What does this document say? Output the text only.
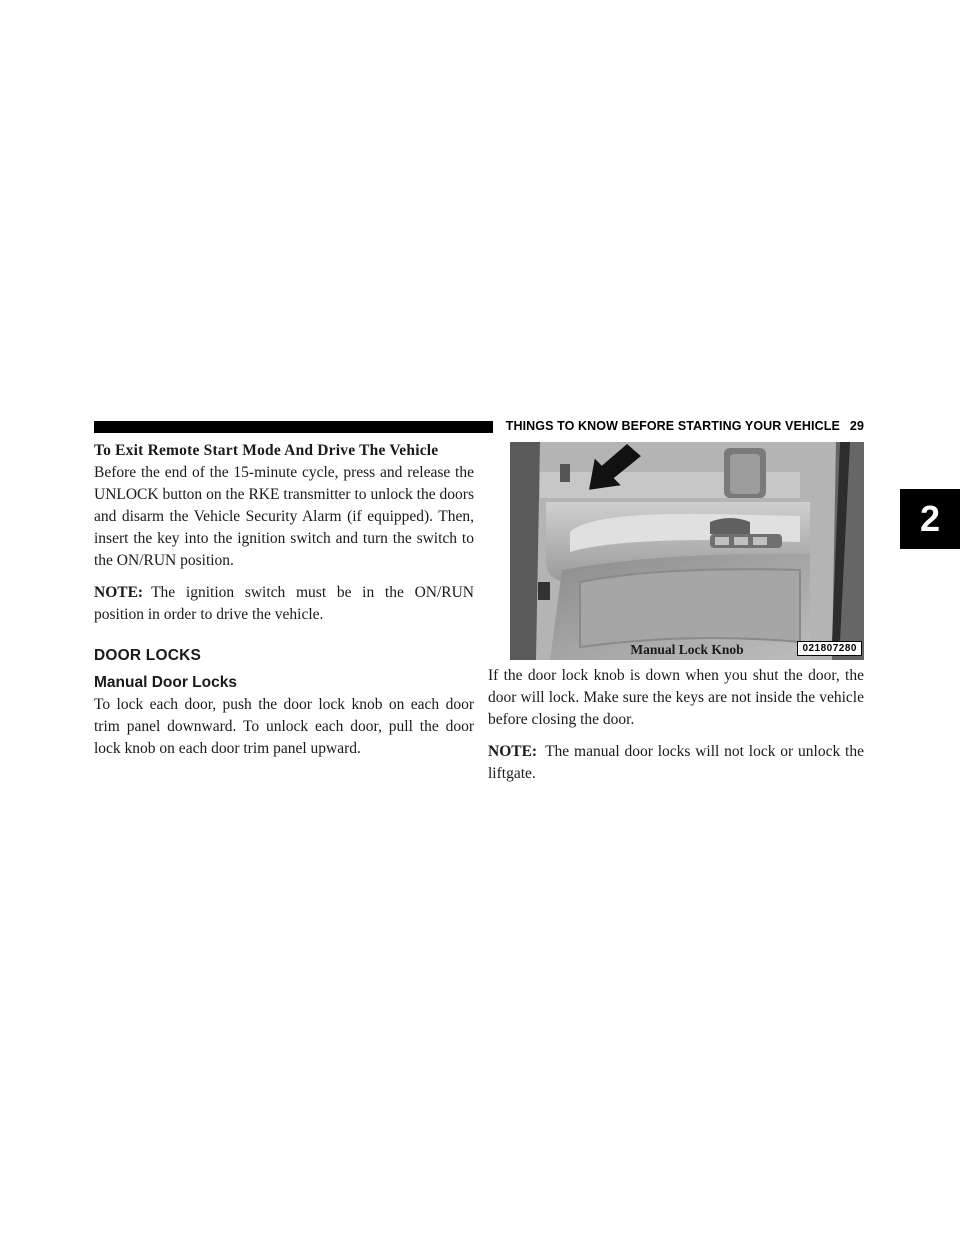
THINGS TO KNOW BEFORE STARTING YOUR VEHICLE 29
2
To Exit Remote Start Mode And Drive The Vehicle

Before the end of the 15-minute cycle, press and release the UNLOCK button on the RKE transmitter to unlock the doors and disarm the Vehicle Security Alarm (if equipped). Then, insert the key into the ignition switch and turn the switch to the ON/RUN position.

NOTE: The ignition switch must be in the ON/RUN position in order to drive the vehicle.

DOOR LOCKS
Manual Door Locks

To lock each door, push the door lock knob on each door trim panel downward. To unlock each door, pull the door lock knob on each door trim panel upward.

021807280
Manual Lock Knob

If the door lock knob is down when you shut the door, the door will lock. Make sure the keys are not inside the vehicle before closing the door.

NOTE: The manual door locks will not lock or unlock the liftgate.
